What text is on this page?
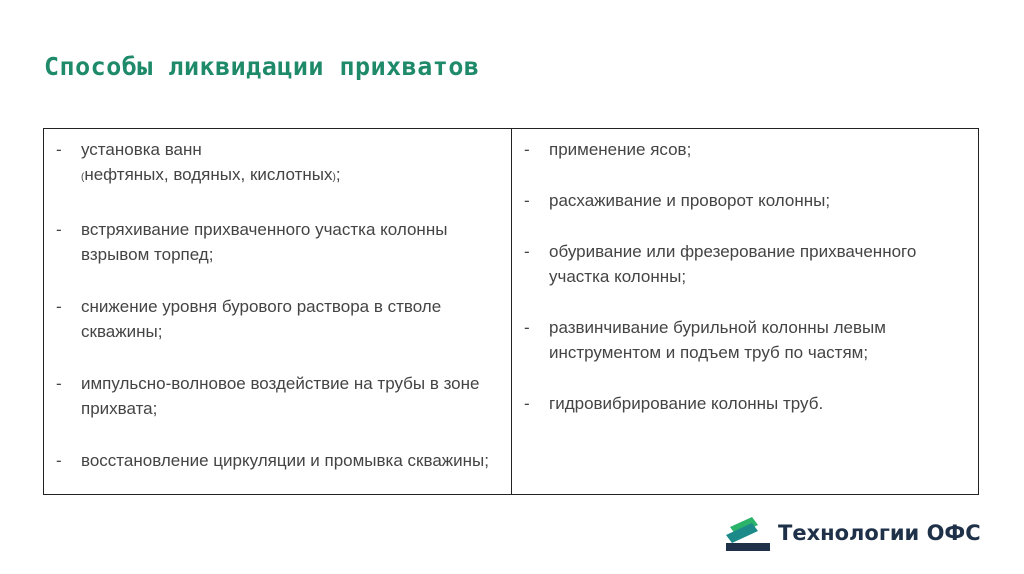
Способы ликвидации прихватов
-	установка ванн
(нефтяных, водяных, кислотных);
-	встряхивание прихваченного участка колонны взрывом торпед;
-	снижение уровня бурового раствора в стволе скважины;
-	импульсно-волновое воздействие на трубы в зоне прихвата;
-	восстановление циркуляции и промывка скважины;
-	применение ясов;
-	расхаживание и проворот колонны;
-	обуривание или фрезерование прихваченного участка колонны;
-	развинчивание бурильной колонны левым инструментом и подъем труб по частям;
-	гидровибрирование колонны труб.
Технологии ОФС
